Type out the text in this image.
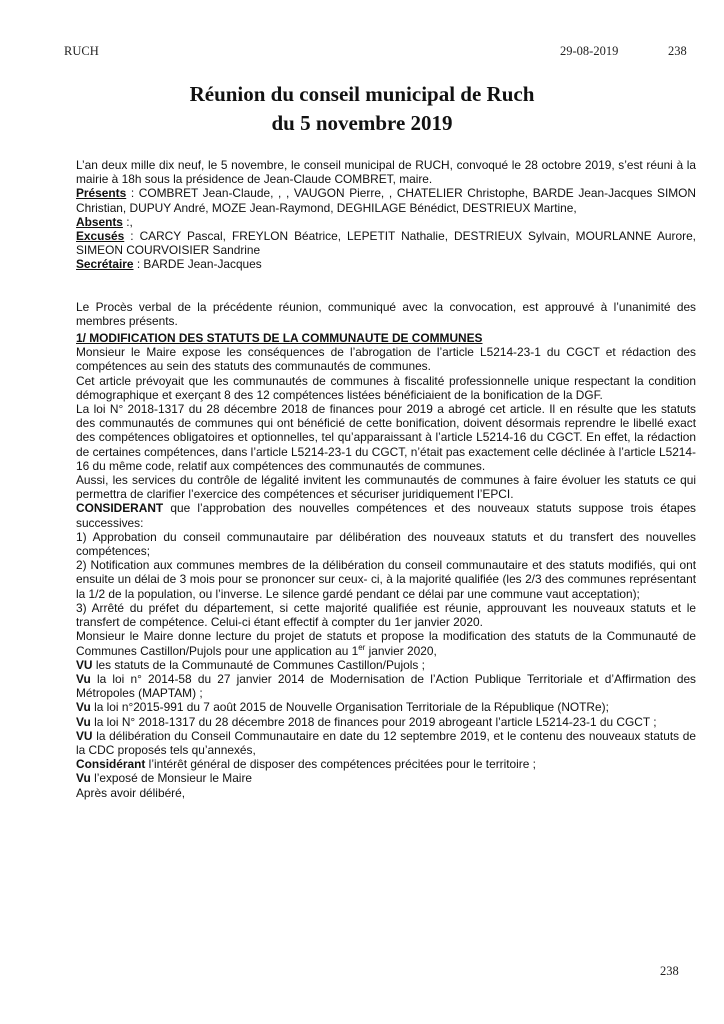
RUCH	29-08-2019	238
Réunion du conseil municipal de Ruch
du 5 novembre 2019

L’an deux mille dix neuf, le 5 novembre, le conseil municipal de RUCH, convoqué le 28 octobre 2019, s’est réuni à la mairie à 18h sous la présidence de Jean-Claude COMBRET, maire.

Présents : COMBRET Jean-Claude, , , VAUGON Pierre, , CHATELIER Christophe, BARDE Jean-Jacques SIMON Christian, DUPUY André, MOZE Jean-Raymond, DEGHILAGE Bénédict, DESTRIEUX Martine,

Absents :,

Excusés : CARCY Pascal, FREYLON Béatrice, LEPETIT Nathalie, DESTRIEUX Sylvain, MOURLANNE Aurore, SIMEON COURVOISIER Sandrine

Secrétaire : BARDE Jean-Jacques

Le Procès verbal de la précédente réunion, communiqué avec la convocation, est approuvé à l’unanimité des membres présents.

1/ MODIFICATION DES STATUTS DE LA COMMUNAUTE DE COMMUNES

Monsieur le Maire expose les conséquences de l’abrogation de l’article L5214-23-1 du CGCT et rédaction des compétences au sein des statuts des communautés de communes.

Cet article prévoyait que les communautés de communes à fiscalité professionnelle unique respectant la condition démographique et exerçant 8 des 12 compétences listées bénéficiaient de la bonification de la DGF.

La loi N° 2018-1317 du 28 décembre 2018 de finances pour 2019 a abrogé cet article. Il en résulte que les statuts des communautés de communes qui ont bénéficié de cette bonification, doivent désormais reprendre le libellé exact des compétences obligatoires et optionnelles, tel qu’apparaissant à l’article L5214-16 du CGCT. En effet, la rédaction de certaines compétences, dans l’article L5214-23-1 du CGCT, n’était pas exactement celle déclinée à l’article L5214-16 du même code, relatif aux compétences des communautés de communes.

Aussi, les services du contrôle de légalité invitent les communautés de communes à faire évoluer les statuts ce qui permettra de clarifier l’exercice des compétences et sécuriser juridiquement l’EPCI.

CONSIDERANT que l’approbation des nouvelles compétences et des nouveaux statuts suppose trois étapes successives:

1) Approbation du conseil communautaire par délibération des nouveaux statuts et du transfert des nouvelles compétences;

2) Notification aux communes membres de la délibération du conseil communautaire et des statuts modifiés, qui ont ensuite un délai de 3 mois pour se prononcer sur ceux- ci, à la majorité qualifiée (les 2/3 des communes représentant la 1/2 de la population, ou l’inverse. Le silence gardé pendant ce délai par une commune vaut acceptation);

3) Arrêté du préfet du département, si cette majorité qualifiée est réunie, approuvant les nouveaux statuts et le transfert de compétence. Celui-ci étant effectif à compter du 1er janvier 2020.

Monsieur le Maire donne lecture du projet de statuts et propose la modification des statuts de la Communauté de Communes Castillon/Pujols pour une application au 1er janvier 2020,

VU les statuts de la Communauté de Communes Castillon/Pujols ;

Vu la loi n° 2014-58 du 27 janvier 2014 de Modernisation de l’Action Publique Territoriale et d’Affirmation des Métropoles (MAPTAM) ;

Vu la loi n°2015-991 du 7 août 2015 de Nouvelle Organisation Territoriale de la République (NOTRe);

Vu la loi N° 2018-1317 du 28 décembre 2018 de finances pour 2019 abrogeant l’article L5214-23-1 du CGCT ;

VU la délibération du Conseil Communautaire en date du 12 septembre 2019, et le contenu des nouveaux statuts de la CDC proposés tels qu’annexés,

Considérant l’intérêt général de disposer des compétences précitées pour le territoire ;

Vu l’exposé de Monsieur le Maire

Après avoir délibéré,

238
